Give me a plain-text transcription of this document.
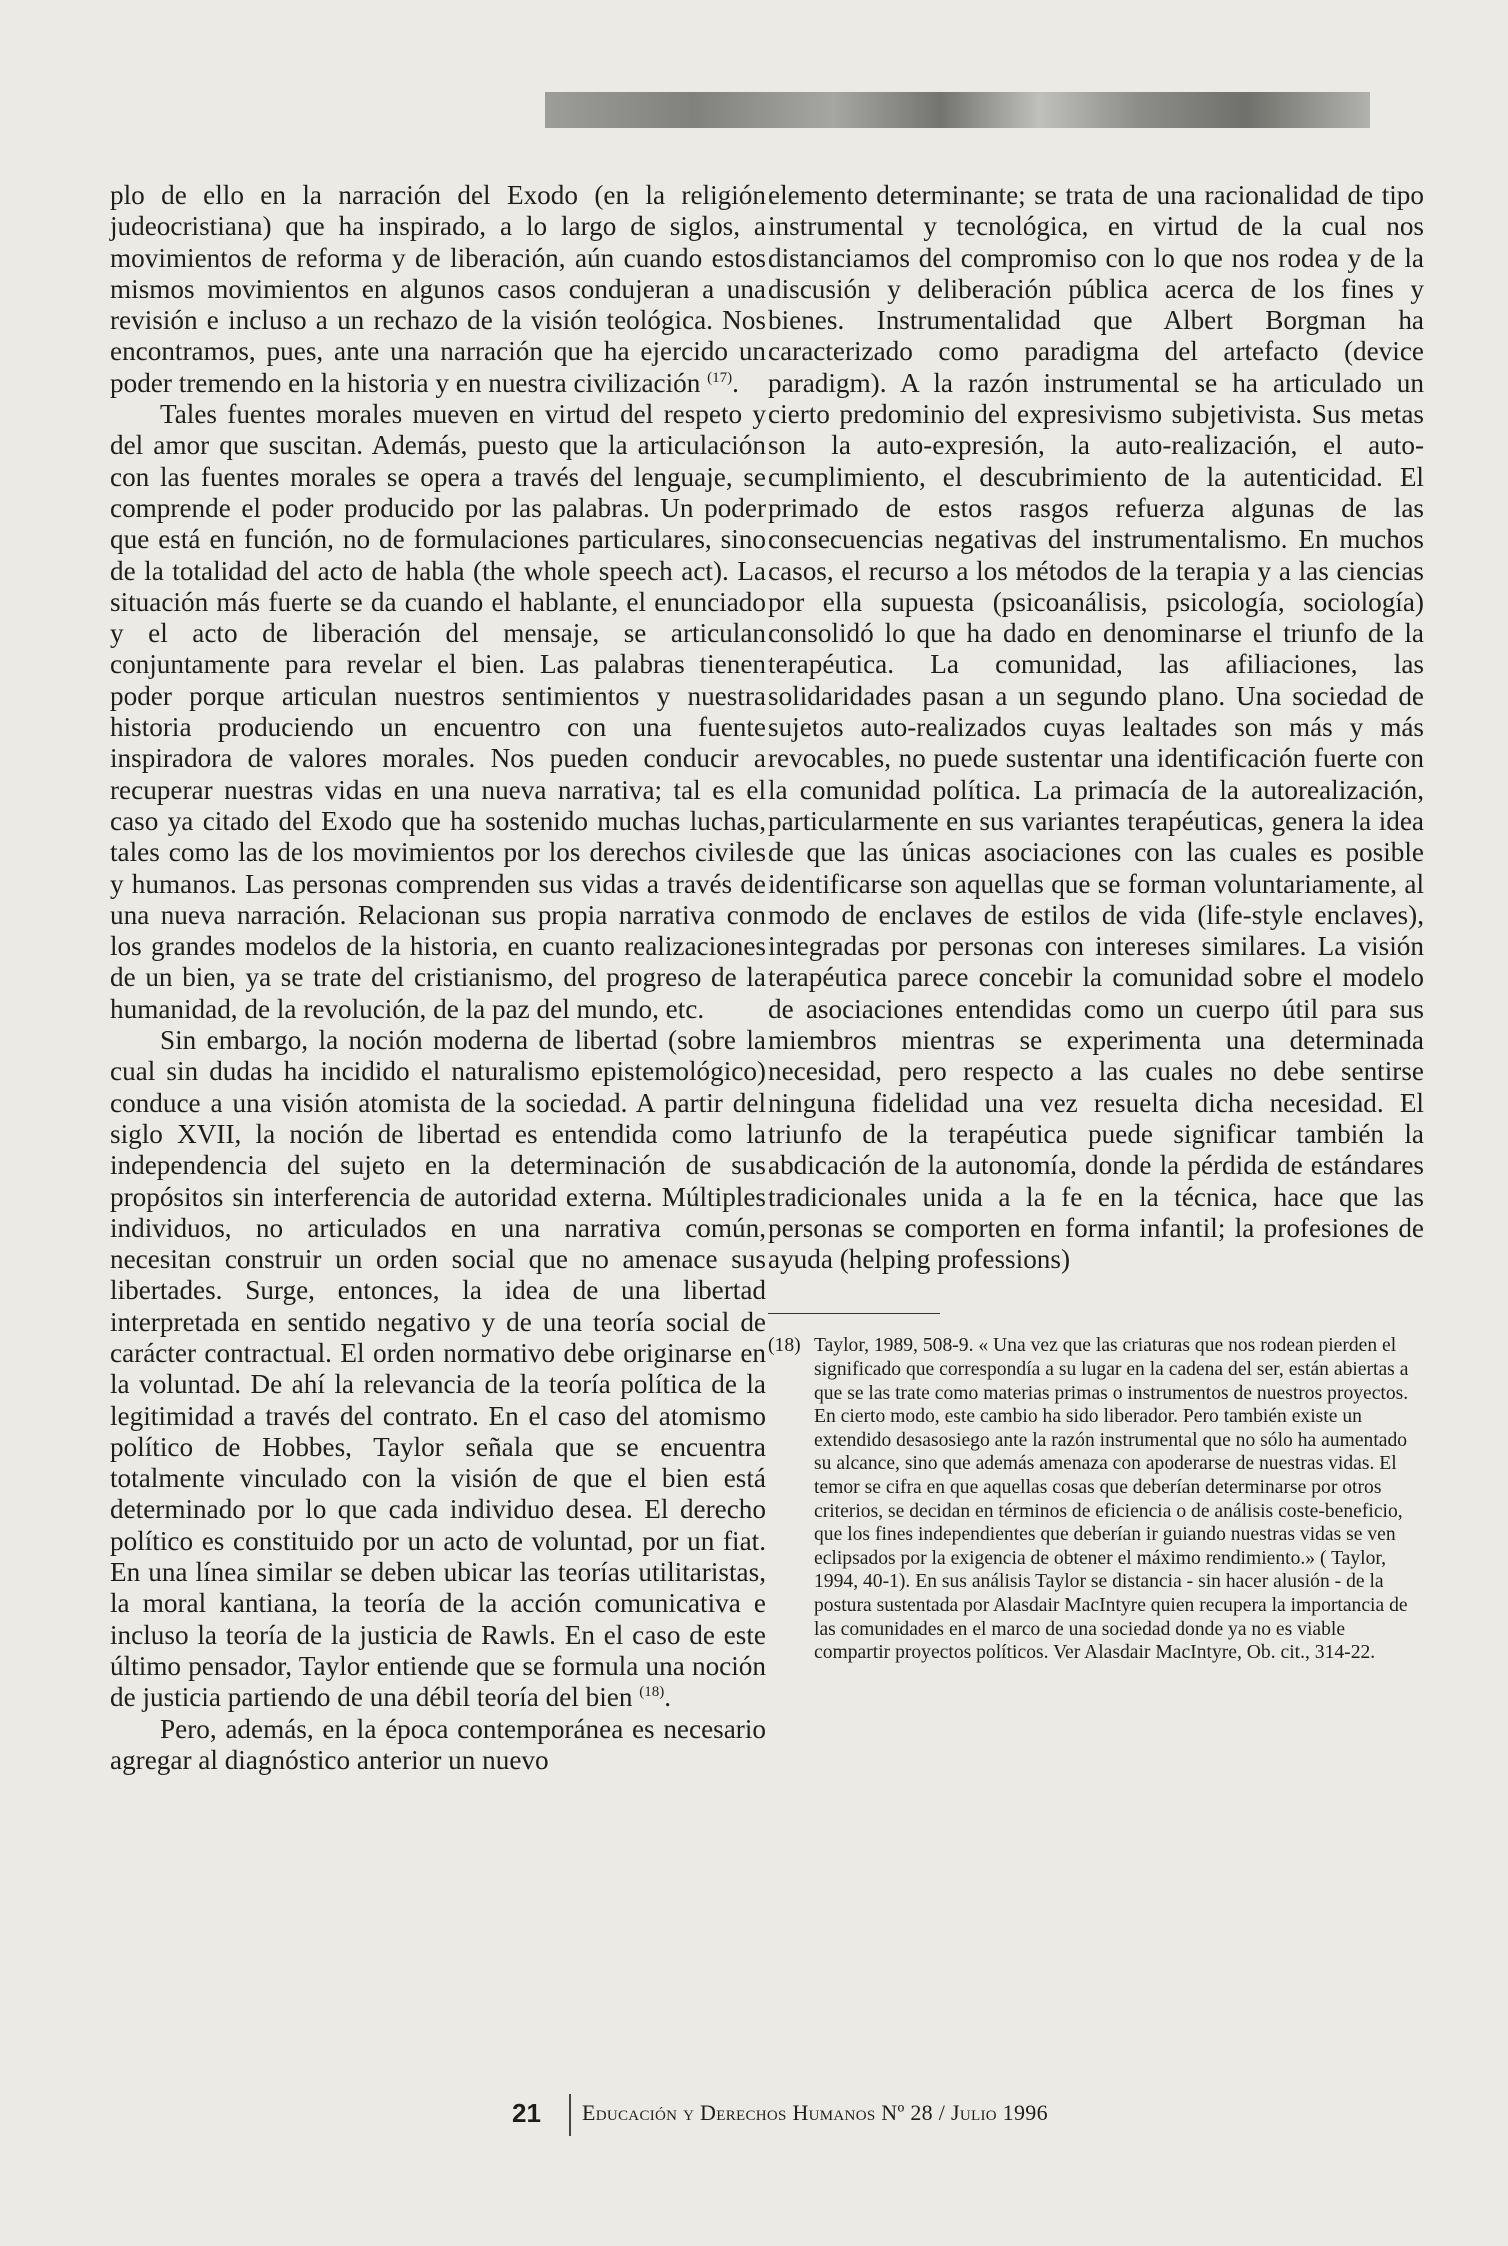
plo de ello en la narración del Exodo (en la religión judeocristiana) que ha inspirado, a lo largo de siglos, a movimientos de reforma y de liberación, aún cuando estos mismos movimientos en algunos casos condujeran a una revisión e incluso a un rechazo de la visión teológica. Nos encontramos, pues, ante una narración que ha ejercido un poder tremendo en la historia y en nuestra civilización $^{(17)}$.

Tales fuentes morales mueven en virtud del respeto y del amor que suscitan. Además, puesto que la articulación con las fuentes morales se opera a través del lenguaje, se comprende el poder producido por las palabras. Un poder que está en función, no de formulaciones particulares, sino de la totalidad del acto de habla (the whole speech act). La situación más fuerte se da cuando el hablante, el enunciado y el acto de liberación del mensaje, se articulan conjuntamente para revelar el bien. Las palabras tienen poder porque articulan nuestros sentimientos y nuestra historia produciendo un encuentro con una fuente inspiradora de valores morales. Nos pueden conducir a recuperar nuestras vidas en una nueva narrativa; tal es el caso ya citado del Exodo que ha sostenido muchas luchas, tales como las de los movimientos por los derechos civiles y humanos. Las personas comprenden sus vidas a través de una nueva narración. Relacionan sus propia narrativa con los grandes modelos de la historia, en cuanto realizaciones de un bien, ya se trate del cristianismo, del progreso de la humanidad, de la revolución, de la paz del mundo, etc.

Sin embargo, la noción moderna de libertad (sobre la cual sin dudas ha incidido el naturalismo epistemológico) conduce a una visión atomista de la sociedad. A partir del siglo XVII, la noción de libertad es entendida como la independencia del sujeto en la determinación de sus propósitos sin interferencia de autoridad externa. Múltiples individuos, no articulados en una narrativa común, necesitan construir un orden social que no amenace sus libertades. Surge, entonces, la idea de una libertad interpretada en sentido negativo y de una teoría social de carácter contractual. El orden normativo debe originarse en la voluntad. De ahí la relevancia de la teoría política de la legitimidad a través del contrato. En el caso del atomismo político de Hobbes, Taylor señala que se encuentra totalmente vinculado con la visión de que el bien está determinado por lo que cada individuo desea. El derecho político es constituido por un acto de voluntad, por un fiat. En una línea similar se deben ubicar las teorías utilitaristas, la moral kantiana, la teoría de la acción comunicativa e incluso la teoría de la justicia de Rawls. En el caso de este último pensador, Taylor entiende que se formula una noción de justicia partiendo de una débil teoría del bien $^{(18)}$.

Pero, además, en la época contemporánea es necesario agregar al diagnóstico anterior un nuevo

elemento determinante; se trata de una racionalidad de tipo instrumental y tecnológica, en virtud de la cual nos distanciamos del compromiso con lo que nos rodea y de la discusión y deliberación pública acerca de los fines y bienes. Instrumentalidad que Albert Borgman ha caracterizado como paradigma del artefacto (device paradigm). A la razón instrumental se ha articulado un cierto predominio del expresivismo subjetivista. Sus metas son la auto-expresión, la auto-realización, el auto-cumplimiento, el descubrimiento de la autenticidad. El primado de estos rasgos refuerza algunas de las consecuencias negativas del instrumentalismo. En muchos casos, el recurso a los métodos de la terapia y a las ciencias por ella supuesta (psicoanálisis, psicología, sociología) consolidó lo que ha dado en denominarse el triunfo de la terapéutica. La comunidad, las afiliaciones, las solidaridades pasan a un segundo plano. Una sociedad de sujetos auto-realizados cuyas lealtades son más y más revocables, no puede sustentar una identificación fuerte con la comunidad política. La primacía de la autorealización, particularmente en sus variantes terapéuticas, genera la idea de que las únicas asociaciones con las cuales es posible identificarse son aquellas que se forman voluntariamente, al modo de enclaves de estilos de vida (life-style enclaves), integradas por personas con intereses similares. La visión terapéutica parece concebir la comunidad sobre el modelo de asociaciones entendidas como un cuerpo útil para sus miembros mientras se experimenta una determinada necesidad, pero respecto a las cuales no debe sentirse ninguna fidelidad una vez resuelta dicha necesidad. El triunfo de la terapéutica puede significar también la abdicación de la autonomía, donde la pérdida de estándares tradicionales unida a la fe en la técnica, hace que las personas se comporten en forma infantil; la profesiones de ayuda (helping professions)

(18) Taylor, 1989, 508-9. « Una vez que las criaturas que nos rodean pierden el significado que correspondía a su lugar en la cadena del ser, están abiertas a que se las trate como materias primas o instrumentos de nuestros proyectos. En cierto modo, este cambio ha sido liberador. Pero también existe un extendido desasosiego ante la razón instrumental que no sólo ha aumentado su alcance, sino que además amenaza con apoderarse de nuestras vidas. El temor se cifra en que aquellas cosas que deberían determinarse por otros criterios, se decidan en términos de eficiencia o de análisis coste-beneficio, que los fines independientes que deberían ir guiando nuestras vidas se ven eclipsados por la exigencia de obtener el máximo rendimiento.» ( Taylor, 1994, 40-1). En sus análisis Taylor se distancia - sin hacer alusión - de la postura sustentada por Alasdair MacIntyre quien recupera la importancia de las comunidades en el marco de una sociedad donde ya no es viable compartir proyectos políticos. Ver Alasdair MacIntyre, Ob. cit., 314-22.
21 Educación y Derechos Humanos Nº 28 / Julio 1996
